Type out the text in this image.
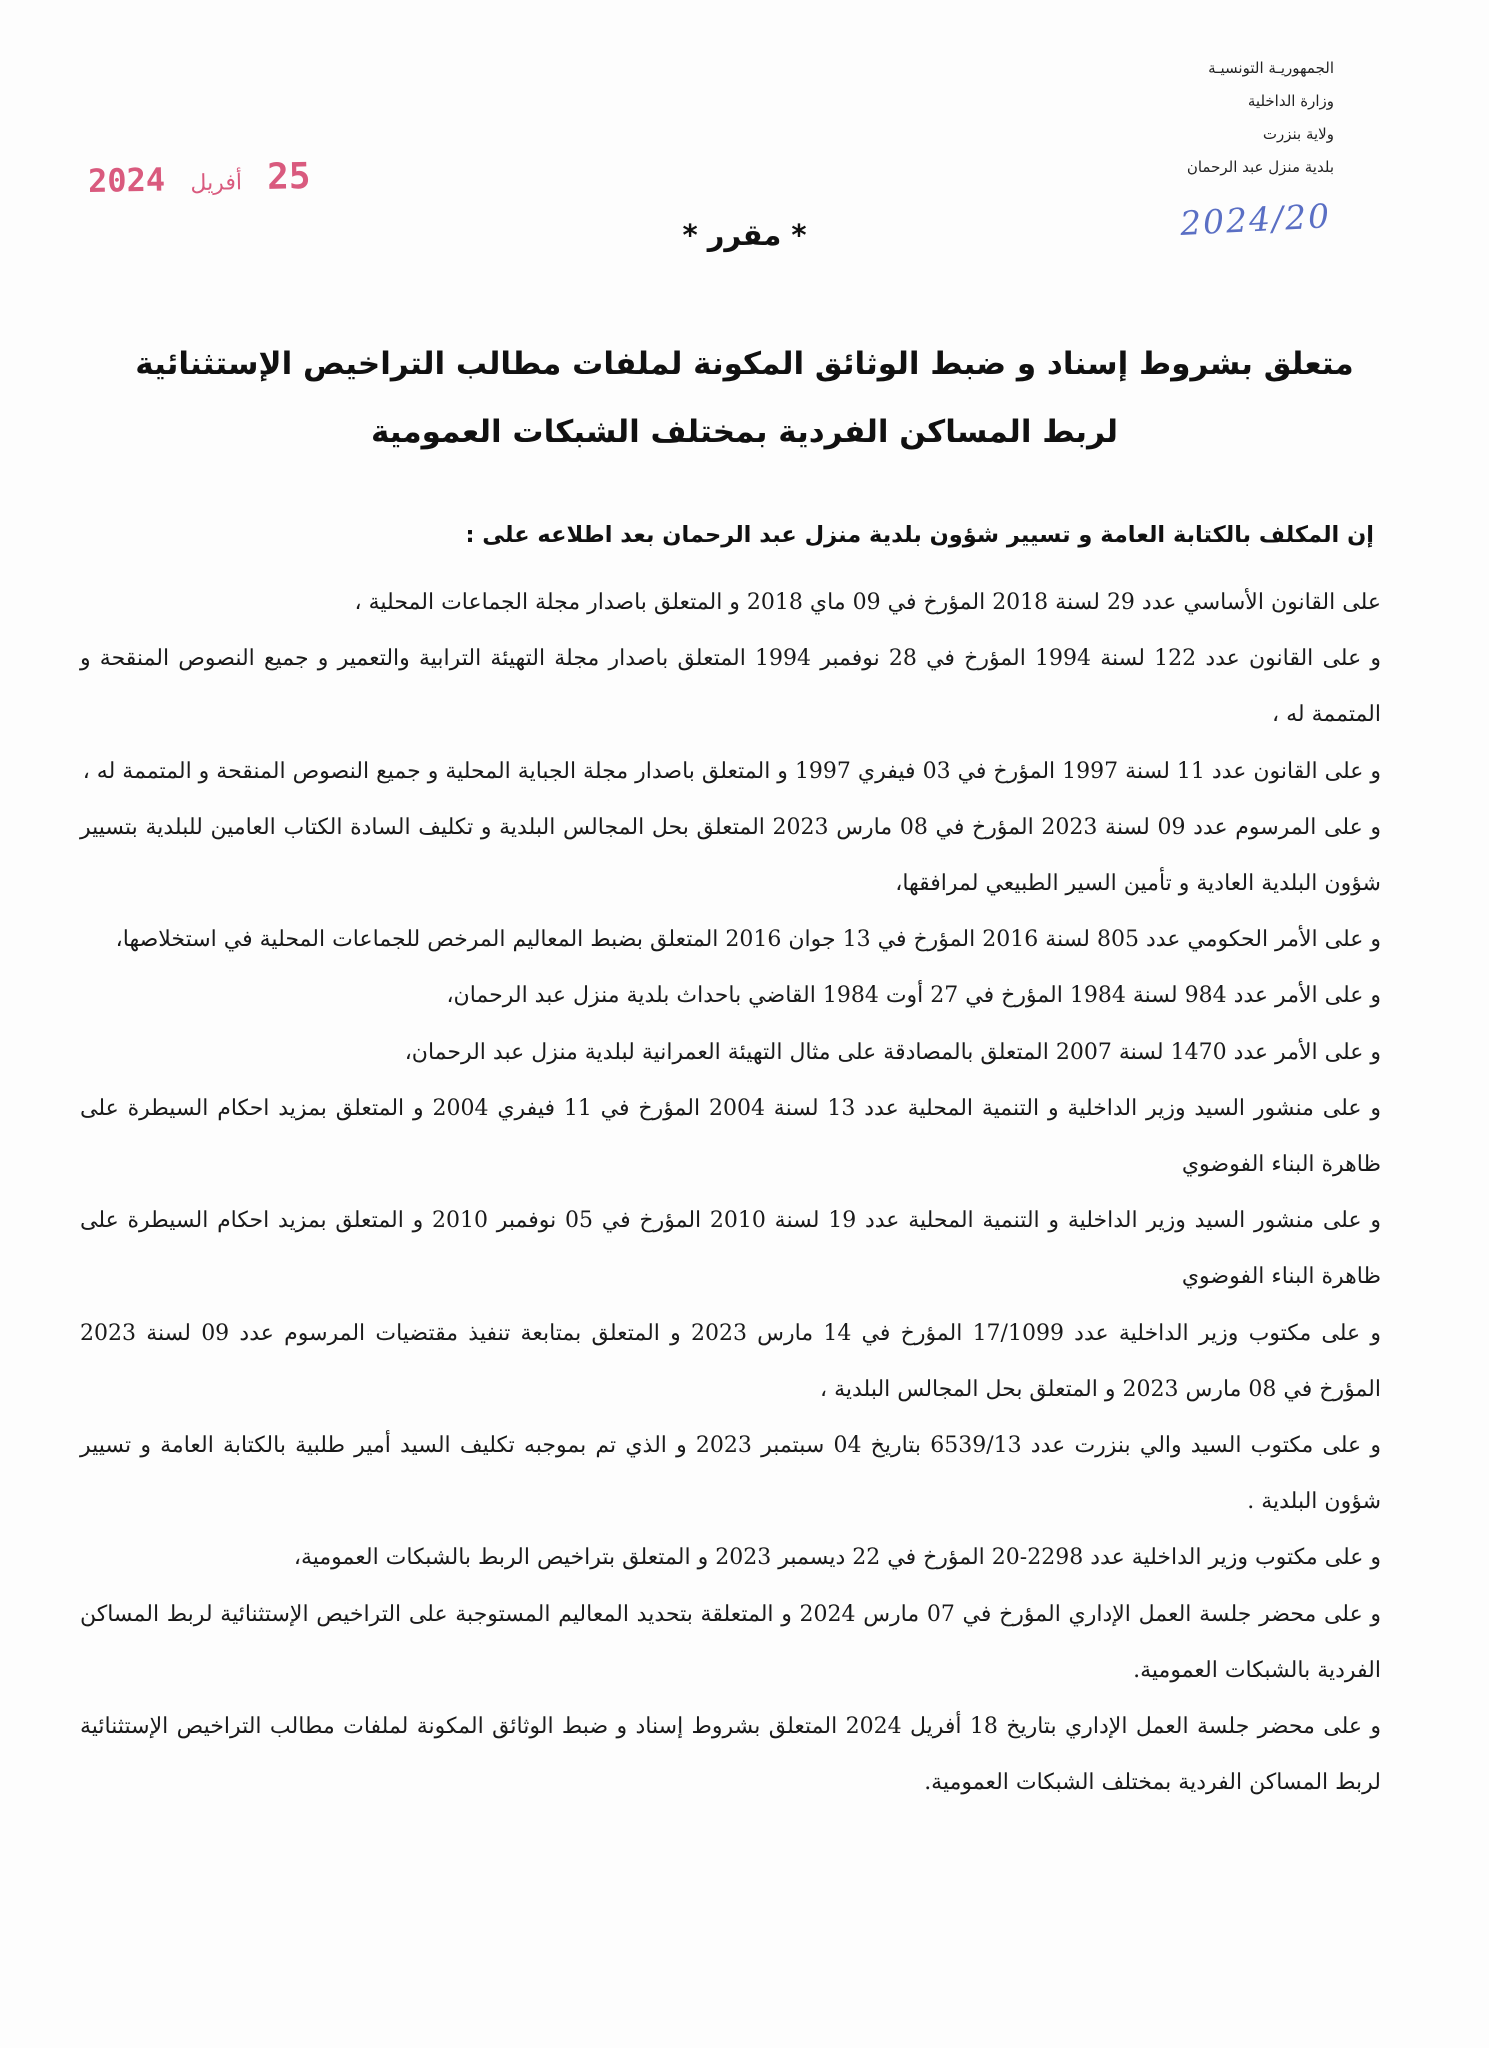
الجمهوريـة التونسيـة
وزارة الداخلية
ولاية بنزرت
بلدية منزل عبد الرحمان
2024/20
25 أفريل 2024
* مقرر *
متعلق بشروط إسناد و ضبط الوثائق المكونة لملفات مطالب التراخيص الإستثنائية
لربط المساكن الفردية بمختلف الشبكات العمومية
إن المكلف بالكتابة العامة و تسيير شؤون بلدية منزل عبد الرحمان بعد اطلاعه على :

على القانون الأساسي عدد 29 لسنة 2018 المؤرخ في 09 ماي 2018 و المتعلق باصدار مجلة الجماعات المحلية ،

و على القانون عدد 122 لسنة 1994 المؤرخ في 28 نوفمبر 1994 المتعلق باصدار مجلة التهيئة الترابية والتعمير و جميع النصوص المنقحة و المتممة له ،

و على القانون عدد 11 لسنة 1997 المؤرخ في 03 فيفري 1997 و المتعلق باصدار مجلة الجباية المحلية و جميع النصوص المنقحة و المتممة له ،

و على المرسوم عدد 09 لسنة 2023 المؤرخ في 08 مارس 2023 المتعلق بحل المجالس البلدية و تكليف السادة الكتاب العامين للبلدية بتسيير شؤون البلدية العادية و تأمين السير الطبيعي لمرافقها،

و على الأمر الحكومي عدد 805 لسنة 2016 المؤرخ في 13 جوان 2016 المتعلق بضبط المعاليم المرخص للجماعات المحلية في استخلاصها،

و على الأمر عدد 984 لسنة 1984 المؤرخ في 27 أوت 1984 القاضي باحداث بلدية منزل عبد الرحمان،

و على الأمر عدد 1470 لسنة 2007 المتعلق بالمصادقة على مثال التهيئة العمرانية لبلدية منزل عبد الرحمان،

و على منشور السيد وزير الداخلية و التنمية المحلية عدد 13 لسنة 2004 المؤرخ في 11 فيفري 2004 و المتعلق بمزيد احكام السيطرة على ظاهرة البناء الفوضوي

و على منشور السيد وزير الداخلية و التنمية المحلية عدد 19 لسنة 2010 المؤرخ في 05 نوفمبر 2010 و المتعلق بمزيد احكام السيطرة على ظاهرة البناء الفوضوي

و على مكتوب وزير الداخلية عدد 17/1099 المؤرخ في 14 مارس 2023 و المتعلق بمتابعة تنفيذ مقتضيات المرسوم عدد 09 لسنة 2023 المؤرخ في 08 مارس 2023 و المتعلق بحل المجالس البلدية ،

و على مكتوب السيد والي بنزرت عدد 6539/13 بتاريخ 04 سبتمبر 2023 و الذي تم بموجبه تكليف السيد أمير طلبية بالكتابة العامة و تسيير شؤون البلدية .

و على مكتوب وزير الداخلية عدد 2298-20 المؤرخ في 22 ديسمبر 2023 و المتعلق بتراخيص الربط بالشبكات العمومية،

و على محضر جلسة العمل الإداري المؤرخ في 07 مارس 2024 و المتعلقة بتحديد المعاليم المستوجبة على التراخيص الإستثنائية لربط المساكن الفردية بالشبكات العمومية.

و على محضر جلسة العمل الإداري بتاريخ 18 أفريل 2024 المتعلق بشروط إسناد و ضبط الوثائق المكونة لملفات مطالب التراخيص الإستثنائية لربط المساكن الفردية بمختلف الشبكات العمومية.
